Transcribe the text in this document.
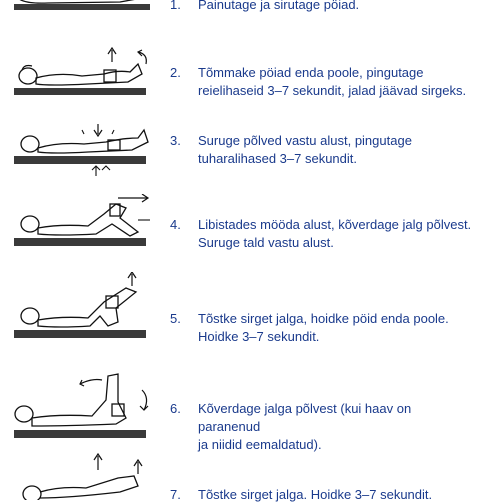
1.	Painutage ja sirutage pöiad.
2.	Tõmmake pöiad enda poole, pingutage
reielihaseid 3–7 sekundit, jalad jäävad sirgeks.
3.	Suruge põlved vastu alust, pingutage
tuharalihased 3–7 sekundit.
4.	Libistades mööda alust, kõverdage jalg põlvest.
Suruge tald vastu alust.
5.	Tõstke sirget jalga, hoidke pöid enda poole.
Hoidke 3–7 sekundit.
6.	Kõverdage jalga põlvest (kui haav on paranenud
ja niidid eemaldatud).
7.	Tõstke sirget jalga. Hoidke 3–7 sekundit.
